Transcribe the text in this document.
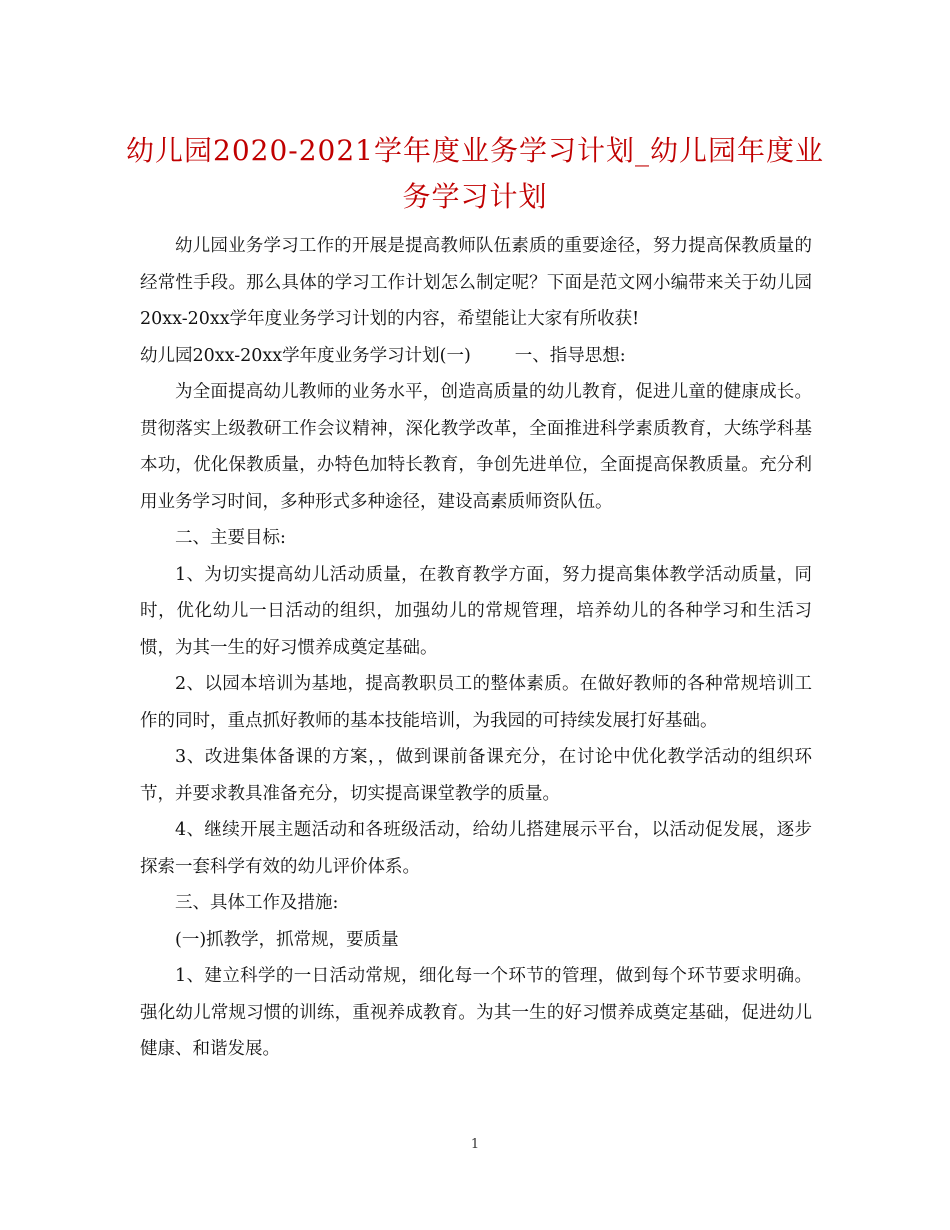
幼儿园2020-2021学年度业务学习计划_幼儿园年度业务学习计划

幼儿园业务学习工作的开展是提高教师队伍素质的重要途径，努力提高保教质量的经常性手段。那么具体的学习工作计划怎么制定呢？下面是范文网小编带来关于幼儿园20xx-20xx学年度业务学习计划的内容，希望能让大家有所收获!

幼儿园20xx-20xx学年度业务学习计划(一)	一、指导思想:

为全面提高幼儿教师的业务水平，创造高质量的幼儿教育，促进儿童的健康成长。贯彻落实上级教研工作会议精神，深化教学改革，全面推进科学素质教育，大练学科基本功，优化保教质量，办特色加特长教育，争创先进单位，全面提高保教质量。充分利用业务学习时间，多种形式多种途径，建设高素质师资队伍。

二、主要目标:

1、为切实提高幼儿活动质量，在教育教学方面，努力提高集体教学活动质量，同时，优化幼儿一日活动的组织，加强幼儿的常规管理，培养幼儿的各种学习和生活习惯，为其一生的好习惯养成奠定基础。

2、以园本培训为基地，提高教职员工的整体素质。在做好教师的各种常规培训工作的同时，重点抓好教师的基本技能培训，为我园的可持续发展打好基础。

3、改进集体备课的方案，，做到课前备课充分，在讨论中优化教学活动的组织环节，并要求教具准备充分，切实提高课堂教学的质量。

4、继续开展主题活动和各班级活动，给幼儿搭建展示平台，以活动促发展，逐步探索一套科学有效的幼儿评价体系。

三、具体工作及措施:

(一)抓教学，抓常规，要质量

1、建立科学的一日活动常规，细化每一个环节的管理，做到每个环节要求明确。强化幼儿常规习惯的训练，重视养成教育。为其一生的好习惯养成奠定基础，促进幼儿健康、和谐发展。

1
